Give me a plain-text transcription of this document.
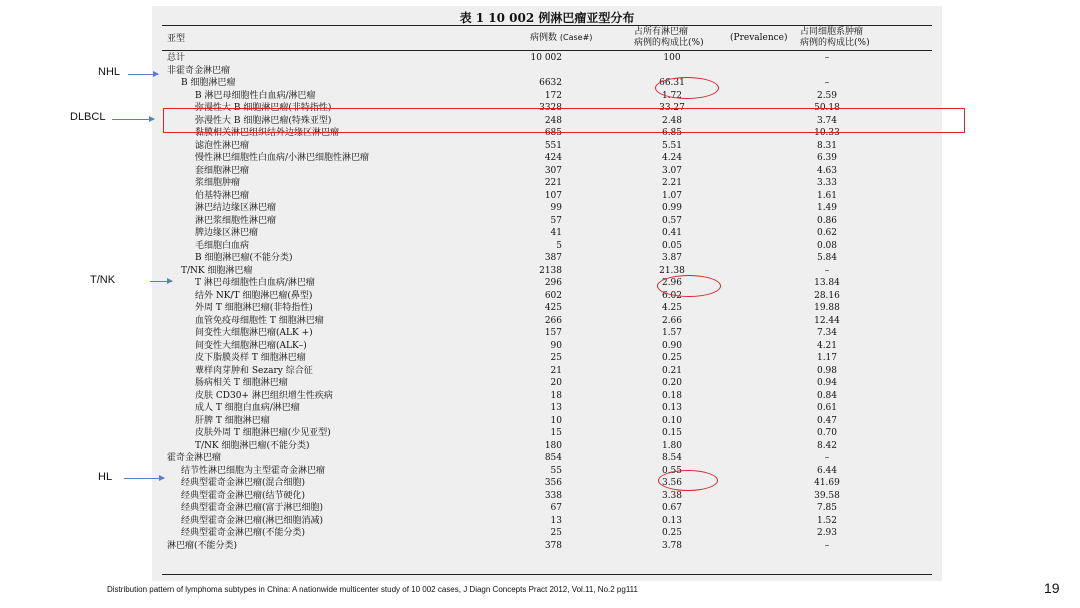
表 1 10 002 例淋巴瘤亚型分布
亚型	病例数 (Case#)
占所有淋巴瘤
病例的构成比(%)	(Prevalence)
占同细胞系肿瘤
病例的构成比(%)
总计	10 002	100	–
非霍奇金淋巴瘤
B 细胞淋巴瘤	6632	66.31	–
B 淋巴母细胞性白血病/淋巴瘤	172	1.72	2.59
弥漫性大 B 细胞淋巴瘤(非特指性)	3328	33.27	50.18
弥漫性大 B 细胞淋巴瘤(特殊亚型)	248	2.48	3.74
黏膜相关淋巴组织结外边缘区淋巴瘤	685	6.85	10.33
滤泡性淋巴瘤	551	5.51	8.31
慢性淋巴细胞性白血病/小淋巴细胞性淋巴瘤	424	4.24	6.39
套细胞淋巴瘤	307	3.07	4.63
浆细胞肿瘤	221	2.21	3.33
伯基特淋巴瘤	107	1.07	1.61
淋巴结边缘区淋巴瘤	99	0.99	1.49
淋巴浆细胞性淋巴瘤	57	0.57	0.86
脾边缘区淋巴瘤	41	0.41	0.62
毛细胞白血病	5	0.05	0.08
B 细胞淋巴瘤(不能分类)	387	3.87	5.84
T/NK 细胞淋巴瘤	2138	21.38	–
T 淋巴母细胞性白血病/淋巴瘤	296	2.96	13.84
结外 NK/T 细胞淋巴瘤(鼻型)	602	6.02	28.16
外周 T 细胞淋巴瘤(非特指性)	425	4.25	19.88
血管免疫母细胞性 T 细胞淋巴瘤	266	2.66	12.44
间变性大细胞淋巴瘤(ALK +)	157	1.57	7.34
间变性大细胞淋巴瘤(ALK–)	90	0.90	4.21
皮下脂膜炎样 T 细胞淋巴瘤	25	0.25	1.17
蕈样肉芽肿和 Sezary 综合征	21	0.21	0.98
肠病相关 T 细胞淋巴瘤	20	0.20	0.94
皮肤 CD30+ 淋巴组织增生性疾病	18	0.18	0.84
成人 T 细胞白血病/淋巴瘤	13	0.13	0.61
肝脾 T 细胞淋巴瘤	10	0.10	0.47
皮肤外周 T 细胞淋巴瘤(少见亚型)	15	0.15	0.70
T/NK 细胞淋巴瘤(不能分类)	180	1.80	8.42
霍奇金淋巴瘤	854	8.54	–
结节性淋巴细胞为主型霍奇金淋巴瘤	55	0.55	6.44
经典型霍奇金淋巴瘤(混合细胞)	356	3.56	41.69
经典型霍奇金淋巴瘤(结节硬化)	338	3.38	39.58
经典型霍奇金淋巴瘤(富于淋巴细胞)	67	0.67	7.85
经典型霍奇金淋巴瘤(淋巴细胞消减)	13	0.13	1.52
经典型霍奇金淋巴瘤(不能分类)	25	0.25	2.93
淋巴瘤(不能分类)	378	3.78	–
NHL
DLBCL
T/NK
HL
Distribution pattern of lymphoma subtypes in China: A nationwide multicenter study of 10 002 cases, J Diagn Concepts Pract 2012, Vol.11, No.2 pg111	19
